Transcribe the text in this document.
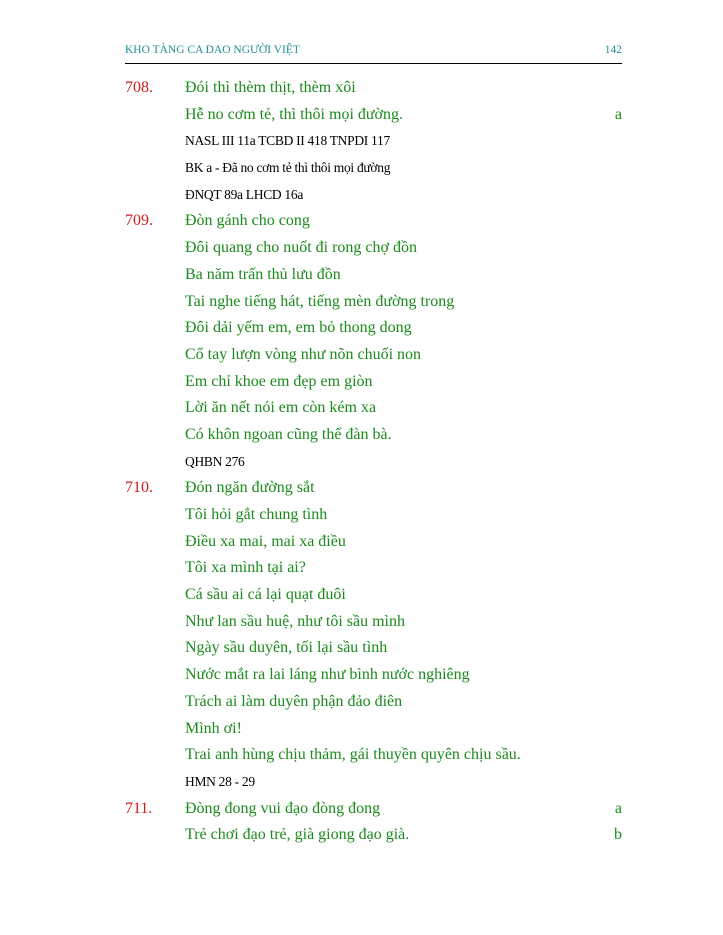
KHO TÀNG CA DAO NGƯỜI VIỆT	142
708. Đói thì thèm thịt, thèm xôi
Hễ no cơm tẻ, thì thôi mọi đường.	a
NASL III 11a TCBD II 418 TNPDI 117
BK a - Đã no cơm tẻ thì thôi mọi đường
ĐNQT 89a LHCD 16a
709. Đòn gánh cho cong
Đôi quang cho nuốt đi rong chợ đồn
Ba năm trấn thủ lưu đồn
Tai nghe tiếng hát, tiếng mèn đường trong
Đôi dải yếm em, em bỏ thong dong
Cổ tay lượn vòng như nõn chuối non
Em chỉ khoe em đẹp em giòn
Lời ăn nết nói em còn kém xa
Có khôn ngoan cũng thể đàn bà.
QHBN 276
710. Đón ngăn đường sắt
Tôi hỏi gắt chung tình
Điều xa mai, mai xa điều
Tôi xa mình tại ai?
Cá sầu ai cá lại quạt đuôi
Như lan sầu huệ, như tôi sầu mình
Ngày sầu duyên, tối lại sầu tình
Nước mắt ra lai láng như bình nước nghiêng
Trách ai làm duyên phận đảo điên
Mình ơi!
Trai anh hùng chịu thảm, gái thuyền quyên chịu sầu.
HMN 28 - 29
711. Đòng đong vui đạo đòng đong	a
Trẻ chơi đạo trẻ, già giong đạo già.	b
